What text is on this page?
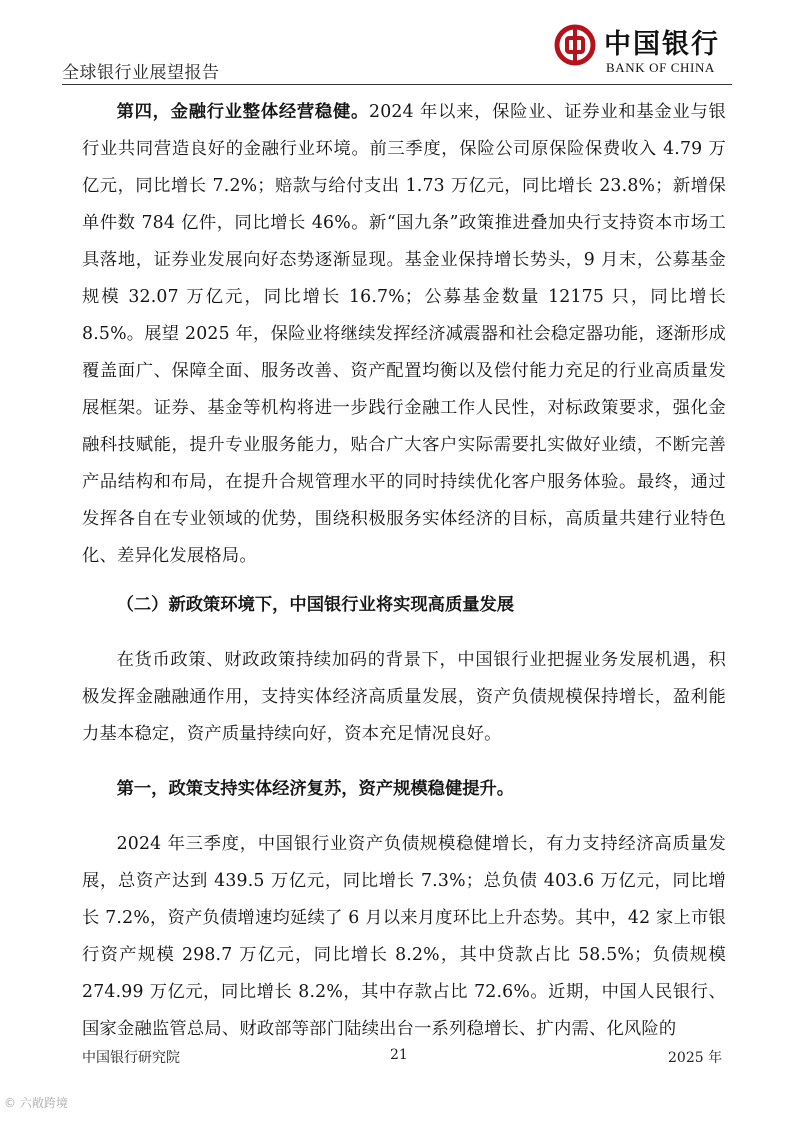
全球银行业展望报告
中国银行
BANK OF CHINA

第四，金融行业整体经营稳健。2024 年以来，保险业、证券业和基金业与银行业共同营造良好的金融行业环境。前三季度，保险公司原保险保费收入 4.79 万亿元，同比增长 7.2%；赔款与给付支出 1.73 万亿元，同比增长 23.8%；新增保单件数 784 亿件，同比增长 46%。新“国九条”政策推进叠加央行支持资本市场工具落地，证券业发展向好态势逐渐显现。基金业保持增长势头，9 月末，公募基金规模 32.07 万亿元，同比增长 16.7%；公募基金数量 12175 只，同比增长 8.5%。展望 2025 年，保险业将继续发挥经济减震器和社会稳定器功能，逐渐形成覆盖面广、保障全面、服务改善、资产配置均衡以及偿付能力充足的行业高质量发展框架。证券、基金等机构将进一步践行金融工作人民性，对标政策要求，强化金融科技赋能，提升专业服务能力，贴合广大客户实际需要扎实做好业绩，不断完善产品结构和布局，在提升合规管理水平的同时持续优化客户服务体验。最终，通过发挥各自在专业领域的优势，围绕积极服务实体经济的目标，高质量共建行业特色化、差异化发展格局。

（二）新政策环境下，中国银行业将实现高质量发展

在货币政策、财政政策持续加码的背景下，中国银行业把握业务发展机遇，积极发挥金融融通作用，支持实体经济高质量发展，资产负债规模保持增长，盈利能力基本稳定，资产质量持续向好，资本充足情况良好。

第一，政策支持实体经济复苏，资产规模稳健提升。

2024 年三季度，中国银行业资产负债规模稳健增长，有力支持经济高质量发展，总资产达到 439.5 万亿元，同比增长 7.3%；总负债 403.6 万亿元，同比增长 7.2%，资产负债增速均延续了 6 月以来月度环比上升态势。其中，42 家上市银行资产规模 298.7 万亿元，同比增长 8.2%，其中贷款占比 58.5%；负债规模 274.99 万亿元，同比增长 8.2%，其中存款占比 72.6%。近期，中国人民银行、国家金融监管总局、财政部等部门陆续出台一系列稳增长、扩内需、化风险的

中国银行研究院	21	2025 年
© 六敞跨境
